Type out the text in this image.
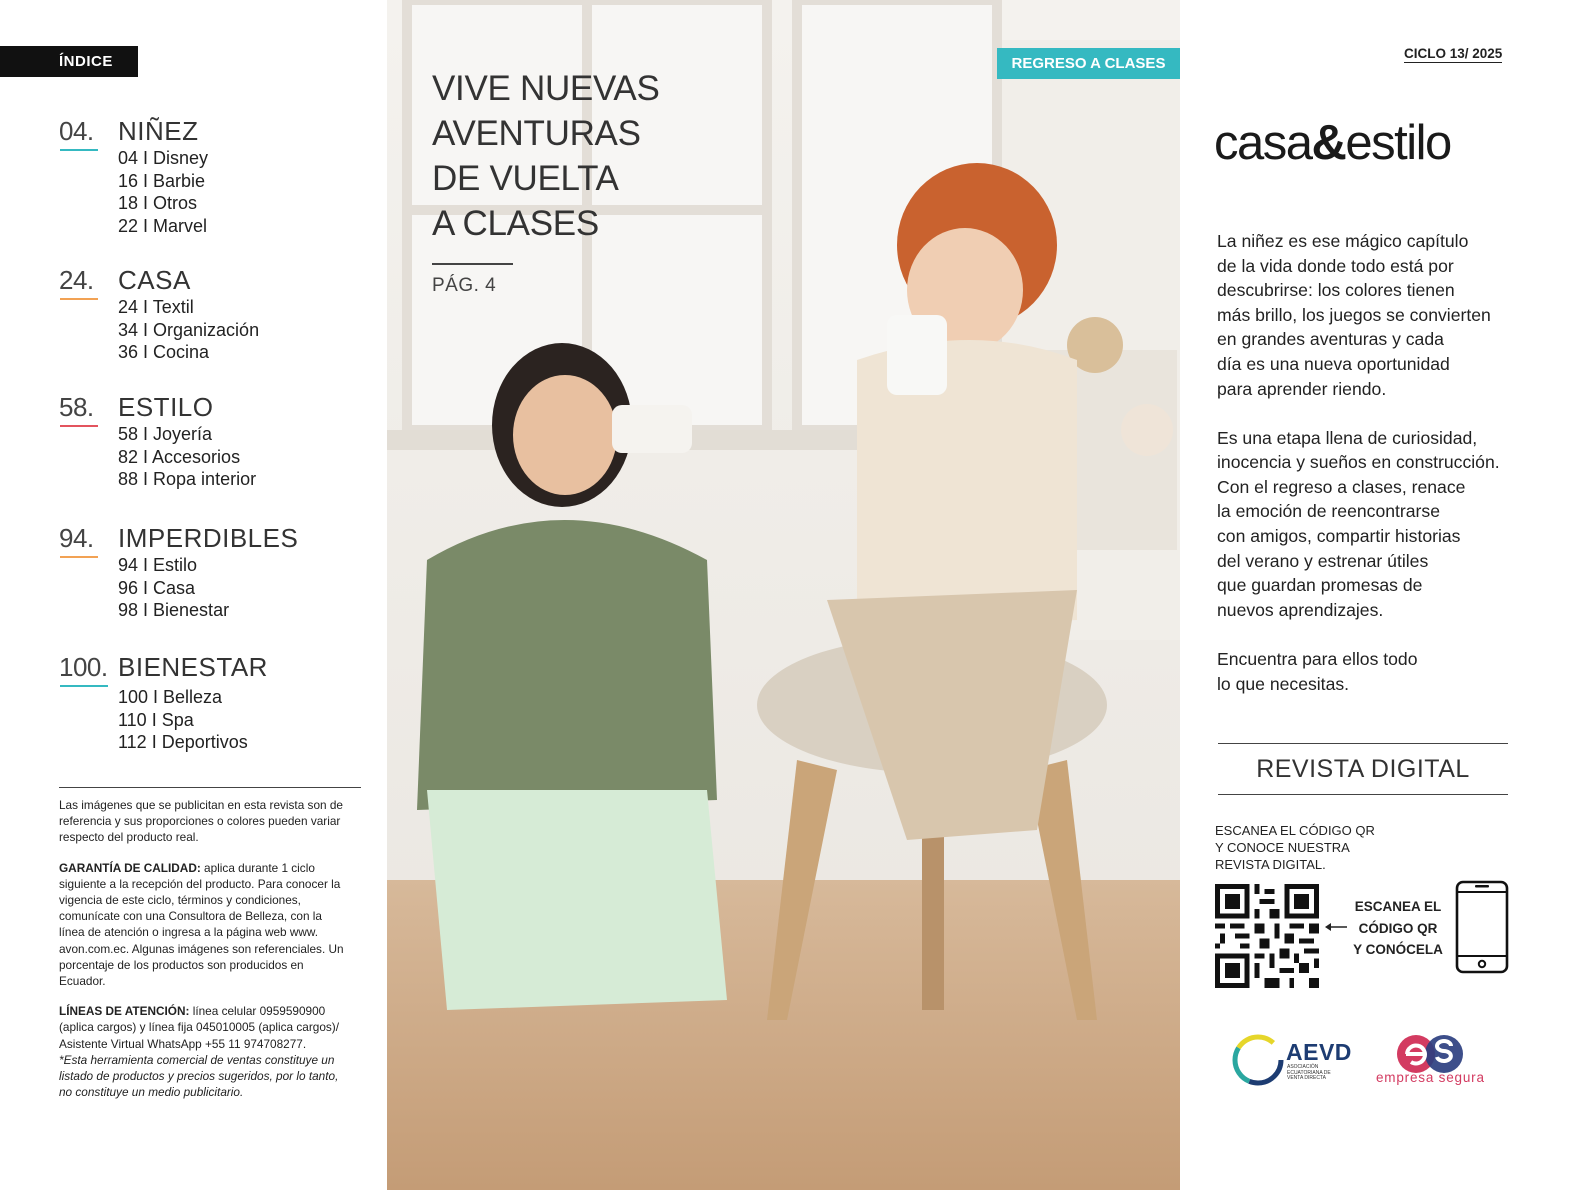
ÍNDICE
04. NIÑEZ
04 I Disney
16 I Barbie
18 I Otros
22 I Marvel
24. CASA
24 I Textil
34 I Organización
36 I Cocina
58. ESTILO
58 I Joyería
82 I Accesorios
88 I Ropa interior
94. IMPERDIBLES
94 I Estilo
96 I Casa
98 I Bienestar
100. BIENESTAR
100 I Belleza
110 I Spa
112 I Deportivos

Las imágenes que se publicitan en esta revista son de referencia y sus proporciones o colores pueden variar respecto del producto real.

GARANTÍA DE CALIDAD: aplica durante 1 ciclo siguiente a la recepción del producto. Para conocer la vigencia de este ciclo, términos y condiciones, comunícate con una Consultora de Belleza, con la línea de atención o ingresa a la página web www. avon.com.ec. Algunas imágenes son referenciales. Un porcentaje de los productos son producidos en Ecuador.

LÍNEAS DE ATENCIÓN: línea celular 0959590900 (aplica cargos) y línea fija 045010005 (aplica cargos)/ Asistente Virtual WhatsApp +55 11 974708277.
*Esta herramienta comercial de ventas constituye un listado de productos y precios sugeridos, por lo tanto, no constituye un medio publicitario.

REGRESO A CLASES
VIVE NUEVAS
AVENTURAS
DE VUELTA
A CLASES
PÁG. 4
CICLO 13/ 2025
casa&estilo

La niñez es ese mágico capítulo
de la vida donde todo está por
descubrirse: los colores tienen
más brillo, los juegos se convierten
en grandes aventuras y cada
día es una nueva oportunidad
para aprender riendo.

Es una etapa llena de curiosidad,
inocencia y sueños en construcción.
Con el regreso a clases, renace
la emoción de reencontrarse
con amigos, compartir historias
del verano y estrenar útiles
que guardan promesas de
nuevos aprendizajes.

Encuentra para ellos todo
lo que necesitas.

REVISTA DIGITAL
ESCANEA EL CÓDIGO QR
Y CONOCE NUESTRA
REVISTA DIGITAL.
ESCANEA EL
CÓDIGO QR
Y CONÓCELA
AEVD
ASOCIACIÓN ECUATORIANA DE VENTA DIRECTA	empresa segura
